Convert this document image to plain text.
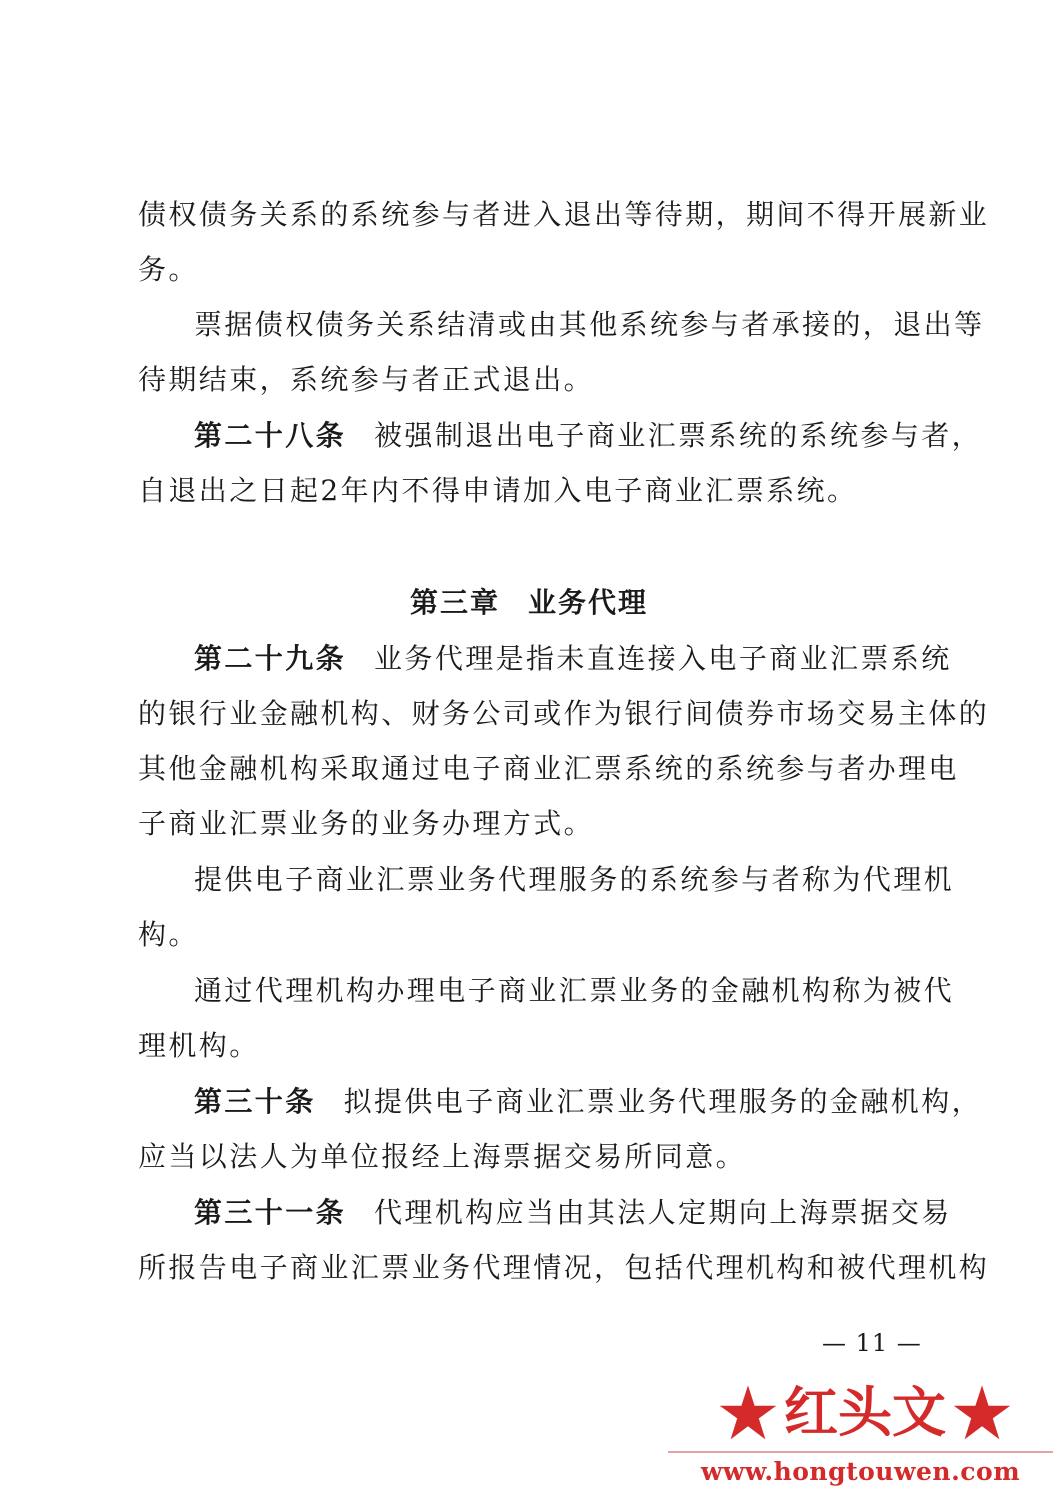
债权债务关系的系统参与者进入退出等待期，期间不得开展新业
务。
票据债权债务关系结清或由其他系统参与者承接的，退出等
待期结束，系统参与者正式退出。
第二十八条 被强制退出电子商业汇票系统的系统参与者，
自退出之日起2年内不得申请加入电子商业汇票系统。
第三章 业务代理
第二十九条 业务代理是指未直连接入电子商业汇票系统
的银行业金融机构、财务公司或作为银行间债券市场交易主体的
其他金融机构采取通过电子商业汇票系统的系统参与者办理电
子商业汇票业务的业务办理方式。
提供电子商业汇票业务代理服务的系统参与者称为代理机
构。
通过代理机构办理电子商业汇票业务的金融机构称为被代
理机构。
第三十条 拟提供电子商业汇票业务代理服务的金融机构，
应当以法人为单位报经上海票据交易所同意。
第三十一条 代理机构应当由其法人定期向上海票据交易
所报告电子商业汇票业务代理情况，包括代理机构和被代理机构
— 11 —
红头文
www.hongtouwen.com
